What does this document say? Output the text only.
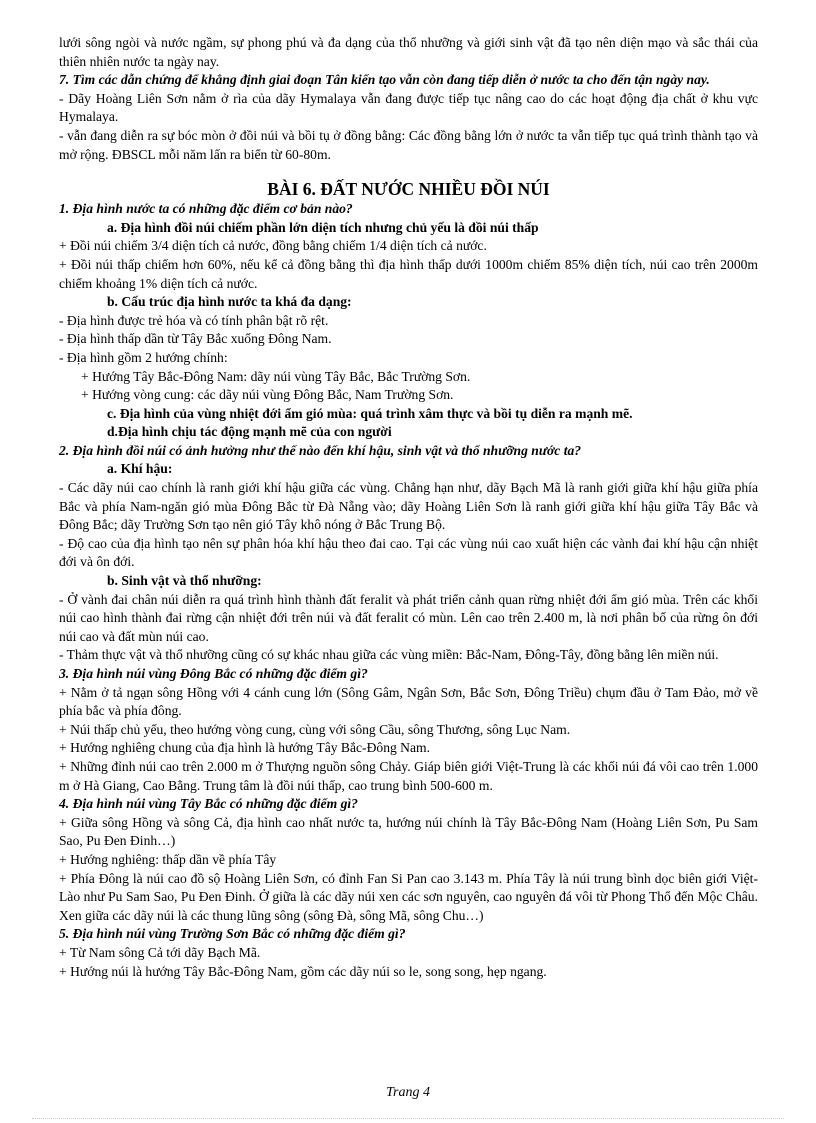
lưới sông ngòi và nước ngầm, sự phong phú và đa dạng của thổ nhưỡng và giới sinh vật đã tạo nên diện mạo và sắc thái của thiên nhiên nước ta ngày nay.

7. Tìm các dẫn chứng để khẳng định giai đoạn Tân kiến tạo vẫn còn đang tiếp diễn ở nước ta cho đến tận ngày nay.

- Dãy Hoàng Liên Sơn nằm ở rìa của dãy Hymalaya vẫn đang được tiếp tục nâng cao do các hoạt động địa chất ở khu vực Hymalaya.

- vẫn đang diễn ra sự bóc mòn ở đồi núi và bồi tụ ở đồng bằng: Các đồng bằng lớn ở nước ta vẫn tiếp tục quá trình thành tạo và mở rộng. ĐBSCL mỗi năm lấn ra biển từ 60-80m.

BÀI 6. ĐẤT NƯỚC NHIỀU ĐỒI NÚI

1. Địa hình nước ta có những đặc điểm cơ bản nào?

a. Địa hình đồi núi chiếm phần lớn diện tích nhưng chủ yếu là đồi núi thấp

+ Đồi núi chiếm 3/4 diện tích cả nước, đồng bằng chiếm 1/4 diện tích cả nước.

+ Đồi núi thấp chiếm hơn 60%, nếu kể cả đồng bằng thì địa hình thấp dưới 1000m chiếm 85% diện tích, núi cao trên 2000m chiếm khoảng 1% diện tích cả nước.

b. Cấu trúc địa hình nước ta khá đa dạng:

- Địa hình được trẻ hóa và có tính phân bật rõ rệt.

- Địa hình thấp dần từ Tây Bắc xuống Đông Nam.

- Địa hình gồm 2 hướng chính:

+ Hướng Tây Bắc-Đông Nam: dãy núi vùng Tây Bắc, Bắc Trường Sơn.

+ Hướng vòng cung: các dãy núi vùng Đông Bắc, Nam Trường Sơn.

c. Địa hình của vùng nhiệt đới ẩm gió mùa: quá trình xâm thực và bồi tụ diễn ra mạnh mẽ.

d.Địa hình chịu tác động mạnh mẽ của con người

2. Địa hình đồi núi có ảnh hưởng như thế nào đến khí hậu, sinh vật và thổ nhưỡng nước ta?

a. Khí hậu:

- Các dãy núi cao chính là ranh giới khí hậu giữa các vùng. Chẳng hạn như, dãy Bạch Mã là ranh giới giữa khí hậu giữa phía Bắc và phía Nam-ngăn gió mùa Đông Bắc từ Đà Nẵng vào; dãy Hoàng Liên Sơn là ranh giới giữa khí hậu giữa Tây Bắc và Đông Bắc; dãy Trường Sơn tạo nên gió Tây khô nóng ở Bắc Trung Bộ.

- Độ cao của địa hình tạo nên sự phân hóa khí hậu theo đai cao. Tại các vùng núi cao xuất hiện các vành đai khí hậu cận nhiệt đới và ôn đới.

b. Sinh vật và thổ nhưỡng:

- Ở vành đai chân núi diễn ra quá trình hình thành đất feralit và phát triển cảnh quan rừng nhiệt đới ẩm gió mùa. Trên các khối núi cao hình thành đai rừng cận nhiệt đới trên núi và đất feralit có mùn. Lên cao trên 2.400 m, là nơi phân bố của rừng ôn đới núi cao và đất mùn núi cao.

- Thảm thực vật và thổ nhưỡng cũng có sự khác nhau giữa các vùng miền: Bắc-Nam, Đông-Tây, đồng bằng lên miền núi.

3. Địa hình núi vùng Đông Bắc có những đặc điểm gì?

+ Nằm ở tả ngạn sông Hồng với 4 cánh cung lớn (Sông Gâm, Ngân Sơn, Bắc Sơn, Đông Triều) chụm đầu ở Tam Đảo, mở về phía bắc và phía đông.

+ Núi thấp chủ yếu, theo hướng vòng cung, cùng với sông Cầu, sông Thương, sông Lục Nam.

+ Hướng nghiêng chung của địa hình là hướng Tây Bắc-Đông Nam.

+ Những đỉnh núi cao trên 2.000 m ở Thượng nguồn sông Chảy. Giáp biên giới Việt-Trung là các khối núi đá vôi cao trên 1.000 m ở Hà Giang, Cao Bằng. Trung tâm là đồi núi thấp, cao trung bình 500-600 m.

4. Địa hình núi vùng Tây Bắc có những đặc điểm gì?

+ Giữa sông Hồng và sông Cả, địa hình cao nhất nước ta, hướng núi chính là Tây Bắc-Đông Nam (Hoàng Liên Sơn, Pu Sam Sao, Pu Đen Đinh…)

+ Hướng nghiêng: thấp dần về phía Tây

+ Phía Đông là núi cao đồ sộ Hoàng Liên Sơn, có đỉnh Fan Si Pan cao 3.143 m. Phía Tây là núi trung bình dọc biên giới Việt-Lào như Pu Sam Sao, Pu Đen Đinh. Ở giữa là các dãy núi xen các sơn nguyên, cao nguyên đá vôi từ Phong Thổ đến Mộc Châu. Xen giữa các dãy núi là các thung lũng sông (sông Đà, sông Mã, sông Chu…)

5. Địa hình núi vùng Trường Sơn Bắc có những đặc điểm gì?

+ Từ Nam sông Cả tới dãy Bạch Mã.

+ Hướng núi là hướng Tây Bắc-Đông Nam, gồm các dãy núi so le, song song, hẹp ngang.

Trang 4
